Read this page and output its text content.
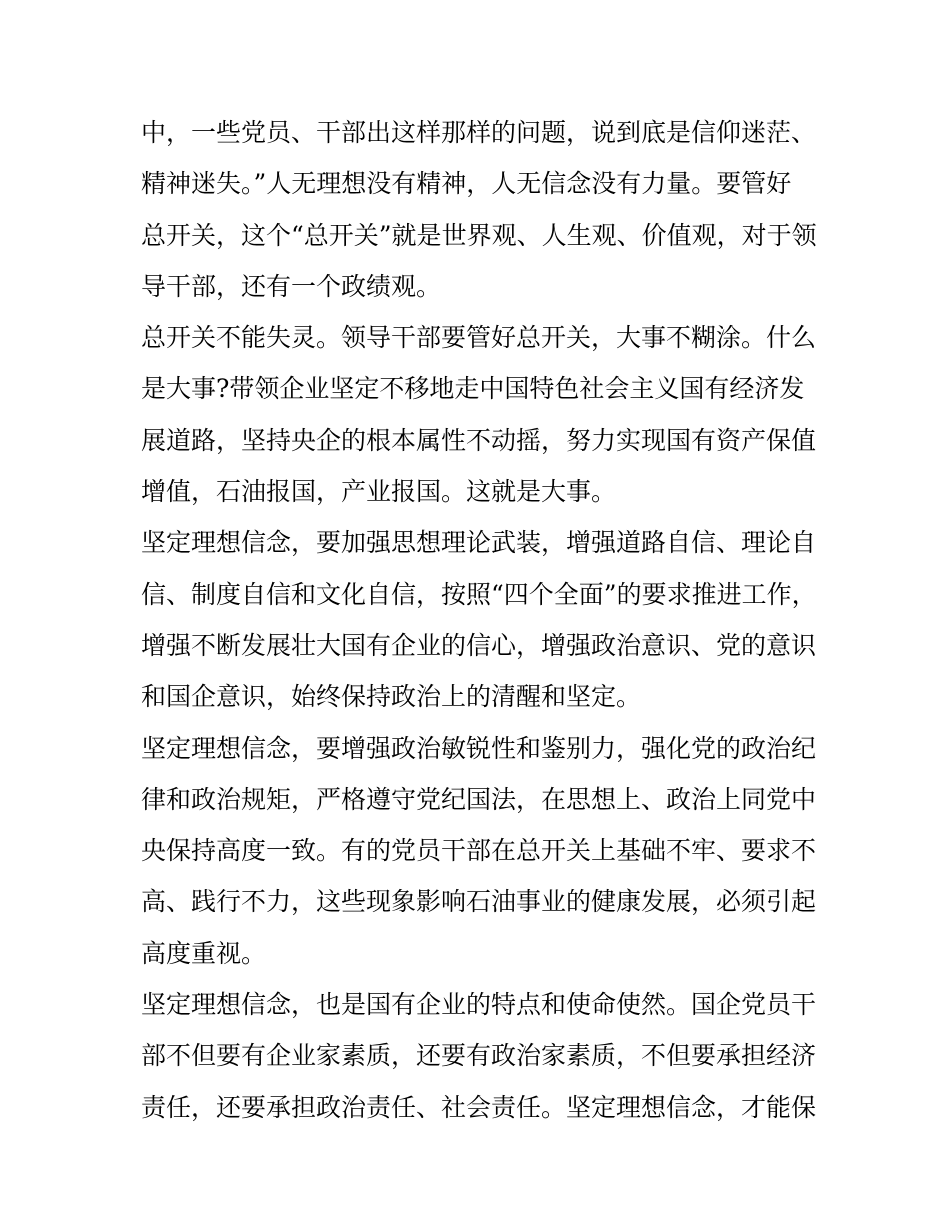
中，一些党员、干部出这样那样的问题，说到底是信仰迷茫、
精神迷失。”人无理想没有精神，人无信念没有力量。要管好
总开关，这个“总开关”就是世界观、人生观、价值观，对于领
导干部，还有一个政绩观。
总开关不能失灵。领导干部要管好总开关，大事不糊涂。什么
是大事?带领企业坚定不移地走中国特色社会主义国有经济发
展道路，坚持央企的根本属性不动摇，努力实现国有资产保值
增值，石油报国，产业报国。这就是大事。
坚定理想信念，要加强思想理论武装，增强道路自信、理论自
信、制度自信和文化自信，按照“四个全面”的要求推进工作，
增强不断发展壮大国有企业的信心，增强政治意识、党的意识
和国企意识，始终保持政治上的清醒和坚定。
坚定理想信念，要增强政治敏锐性和鉴别力，强化党的政治纪
律和政治规矩，严格遵守党纪国法，在思想上、政治上同党中
央保持高度一致。有的党员干部在总开关上基础不牢、要求不
高、践行不力，这些现象影响石油事业的健康发展，必须引起
高度重视。
坚定理想信念，也是国有企业的特点和使命使然。国企党员干
部不但要有企业家素质，还要有政治家素质，不但要承担经济
责任，还要承担政治责任、社会责任。坚定理想信念，才能保
